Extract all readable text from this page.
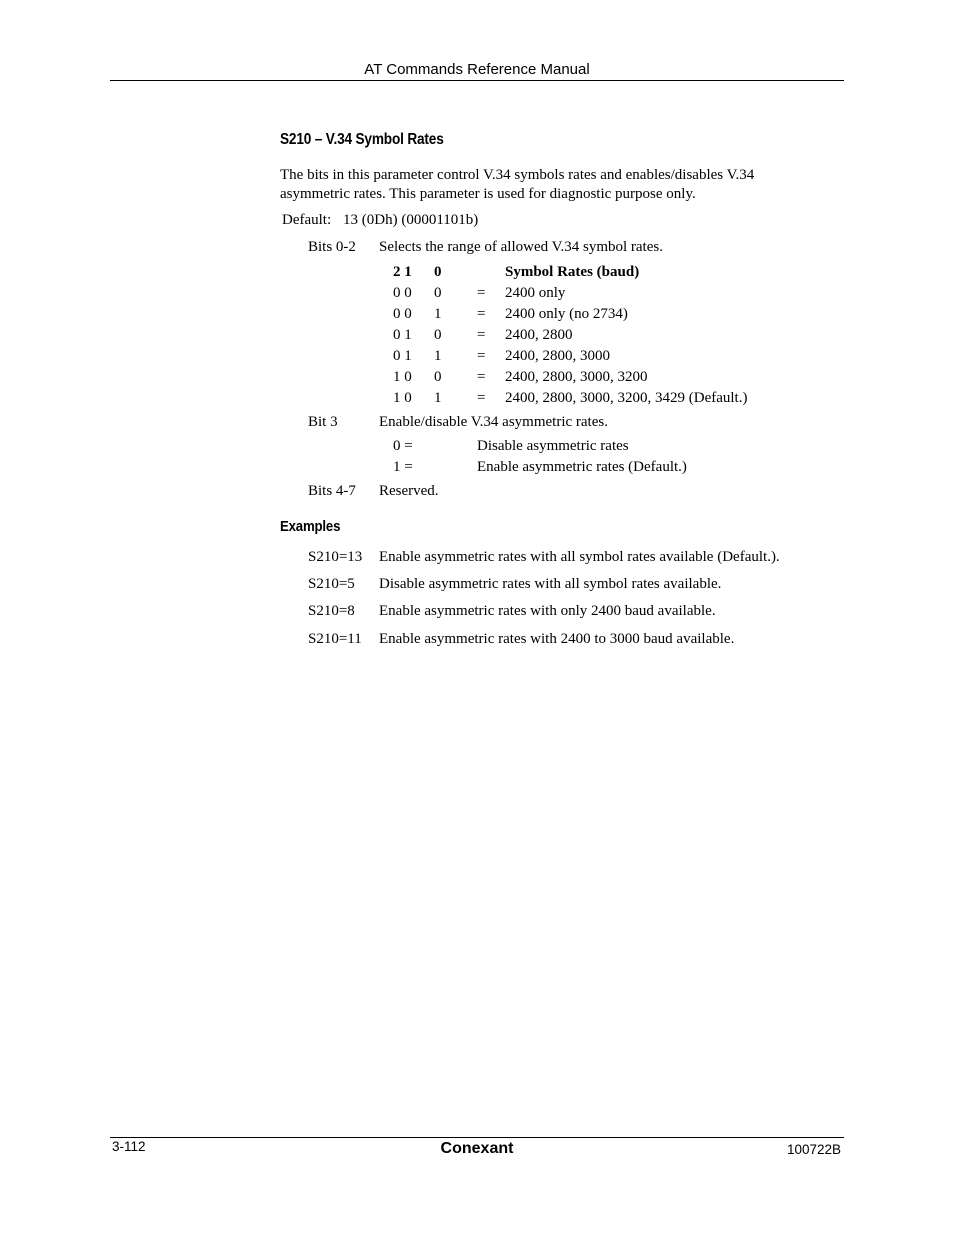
AT Commands Reference Manual
S210 – V.34 Symbol Rates
The bits in this parameter control V.34 symbols rates and enables/disables V.34
asymmetric rates. This parameter is used for diagnostic purpose only.
Default: 13 (0Dh) (00001101b)
Bits 0-2 Selects the range of allowed V.34 symbol rates.
2 1 0	Symbol Rates (baud)
0 0 0 = 2400 only
0 0 1 = 2400 only (no 2734)
0 1 0 = 2400, 2800
0 1 1 = 2400, 2800, 3000
1 0 0 = 2400, 2800, 3000, 3200
1 0 1 = 2400, 2800, 3000, 3200, 3429 (Default.)
Bit 3	Enable/disable V.34 asymmetric rates.
0 =	Disable asymmetric rates
1 =	Enable asymmetric rates (Default.)
Bits 4-7 Reserved.
Examples
S210=13 Enable asymmetric rates with all symbol rates available (Default.).
S210=5 Disable asymmetric rates with all symbol rates available.
S210=8 Enable asymmetric rates with only 2400 baud available.
S210=11 Enable asymmetric rates with 2400 to 3000 baud available.
3-112	Conexant	100722B
